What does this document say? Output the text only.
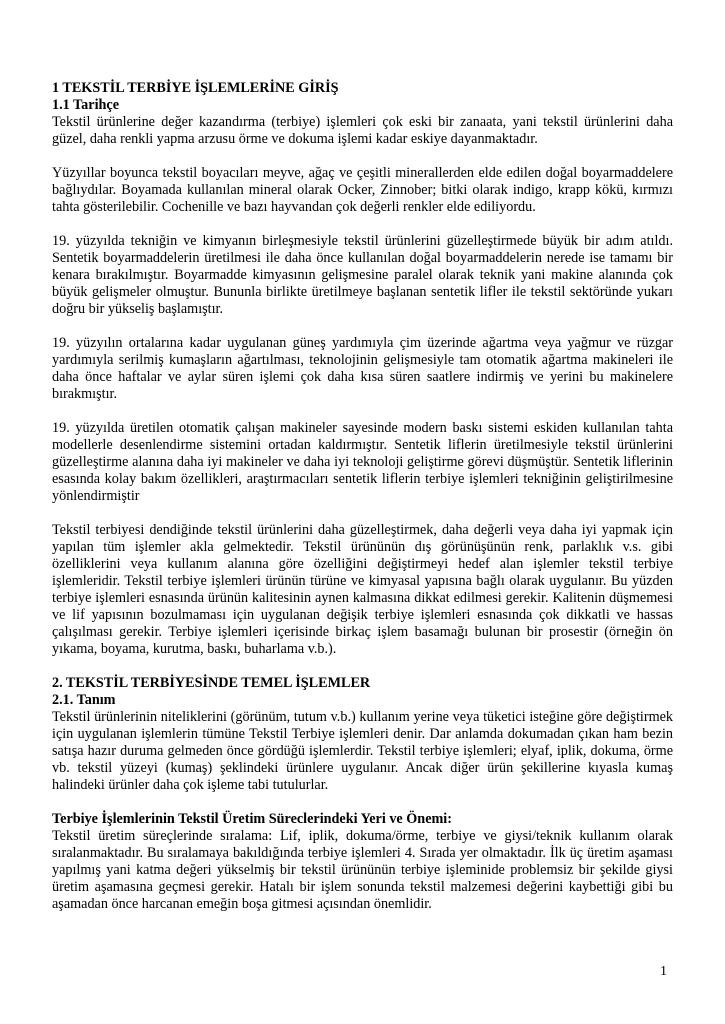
1 TEKSTİL TERBİYE İŞLEMLERİNE GİRİŞ
1.1 Tarihçe

Tekstil ürünlerine değer kazandırma (terbiye) işlemleri çok eski bir zanaata, yani tekstil ürünlerini daha güzel, daha renkli yapma arzusu örme ve dokuma işlemi kadar eskiye dayanmaktadır.

Yüzyıllar boyunca tekstil boyacıları meyve, ağaç ve çeşitli minerallerden elde edilen doğal boyarmaddelere bağlıydılar. Boyamada kullanılan mineral olarak Ocker, Zinnober; bitki olarak indigo, krapp kökü, kırmızı tahta gösterilebilir. Cochenille ve bazı hayvandan çok değerli renkler elde ediliyordu.

19. yüzyılda tekniğin ve kimyanın birleşmesiyle tekstil ürünlerini güzelleştirmede büyük bir adım atıldı. Sentetik boyarmaddelerin üretilmesi ile daha önce kullanılan doğal boyarmaddelerin nerede ise tamamı bir kenara bırakılmıştır. Boyarmadde kimyasının gelişmesine paralel olarak teknik yani makine alanında çok büyük gelişmeler olmuştur. Bununla birlikte üretilmeye başlanan sentetik lifler ile tekstil sektöründe yukarı doğru bir yükseliş başlamıştır.

19. yüzyılın ortalarına kadar uygulanan güneş yardımıyla çim üzerinde ağartma veya yağmur ve rüzgar yardımıyla serilmiş kumaşların ağartılması, teknolojinin gelişmesiyle tam otomatik ağartma makineleri ile daha önce haftalar ve aylar süren işlemi çok daha kısa süren saatlere indirmiş ve yerini bu makinelere bırakmıştır.

19. yüzyılda üretilen otomatik çalışan makineler sayesinde modern baskı sistemi eskiden kullanılan tahta modellerle desenlendirme sistemini ortadan kaldırmıştır. Sentetik liflerin üretilmesiyle tekstil ürünlerini güzelleştirme alanına daha iyi makineler ve daha iyi teknoloji geliştirme görevi düşmüştür. Sentetik liflerinin esasında kolay bakım özellikleri, araştırmacıları sentetik liflerin terbiye işlemleri tekniğinin geliştirilmesine yönlendirmiştir

Tekstil terbiyesi dendiğinde tekstil ürünlerini daha güzelleştirmek, daha değerli veya daha iyi yapmak için yapılan tüm işlemler akla gelmektedir. Tekstil ürününün dış görünüşünün renk, parlaklık v.s. gibi özelliklerini veya kullanım alanına göre özelliğini değiştirmeyi hedef alan işlemler tekstil terbiye işlemleridir. Tekstil terbiye işlemleri ürünün türüne ve kimyasal yapısına bağlı olarak uygulanır. Bu yüzden terbiye işlemleri esnasında ürünün kalitesinin aynen kalmasına dikkat edilmesi gerekir. Kalitenin düşmemesi ve lif yapısının bozulmaması için uygulanan değişik terbiye işlemleri esnasında çok dikkatli ve hassas çalışılması gerekir. Terbiye işlemleri içerisinde birkaç işlem basamağı bulunan bir prosestir (örneğin ön yıkama, boyama, kurutma, baskı, buharlama v.b.).

2. TEKSTİL TERBİYESİNDE TEMEL İŞLEMLER
2.1. Tanım

Tekstil ürünlerinin niteliklerini (görünüm, tutum v.b.) kullanım yerine veya tüketici isteğine göre değiştirmek için uygulanan işlemlerin tümüne Tekstil Terbiye işlemleri denir. Dar anlamda dokumadan çıkan ham bezin satışa hazır duruma gelmeden önce gördüğü işlemlerdir. Tekstil terbiye işlemleri; elyaf, iplik, dokuma, örme vb. tekstil yüzeyi (kumaş) şeklindeki ürünlere uygulanır. Ancak diğer ürün şekillerine kıyasla kumaş halindeki ürünler daha çok işleme tabi tutulurlar.

Terbiye İşlemlerinin Tekstil Üretim Süreclerindeki Yeri ve Önemi:

Tekstil üretim süreçlerinde sıralama: Lif, iplik, dokuma/örme, terbiye ve giysi/teknik kullanım olarak sıralanmaktadır. Bu sıralamaya bakıldığında terbiye işlemleri 4. Sırada yer olmaktadır. İlk üç üretim aşaması yapılmış yani katma değeri yükselmiş bir tekstil ürününün terbiye işleminide problemsiz bir şekilde giysi üretim aşamasına geçmesi gerekir. Hatalı bir işlem sonunda tekstil malzemesi değerini kaybettiği gibi bu aşamadan önce harcanan emeğin boşa gitmesi açısından önemlidir.

1
